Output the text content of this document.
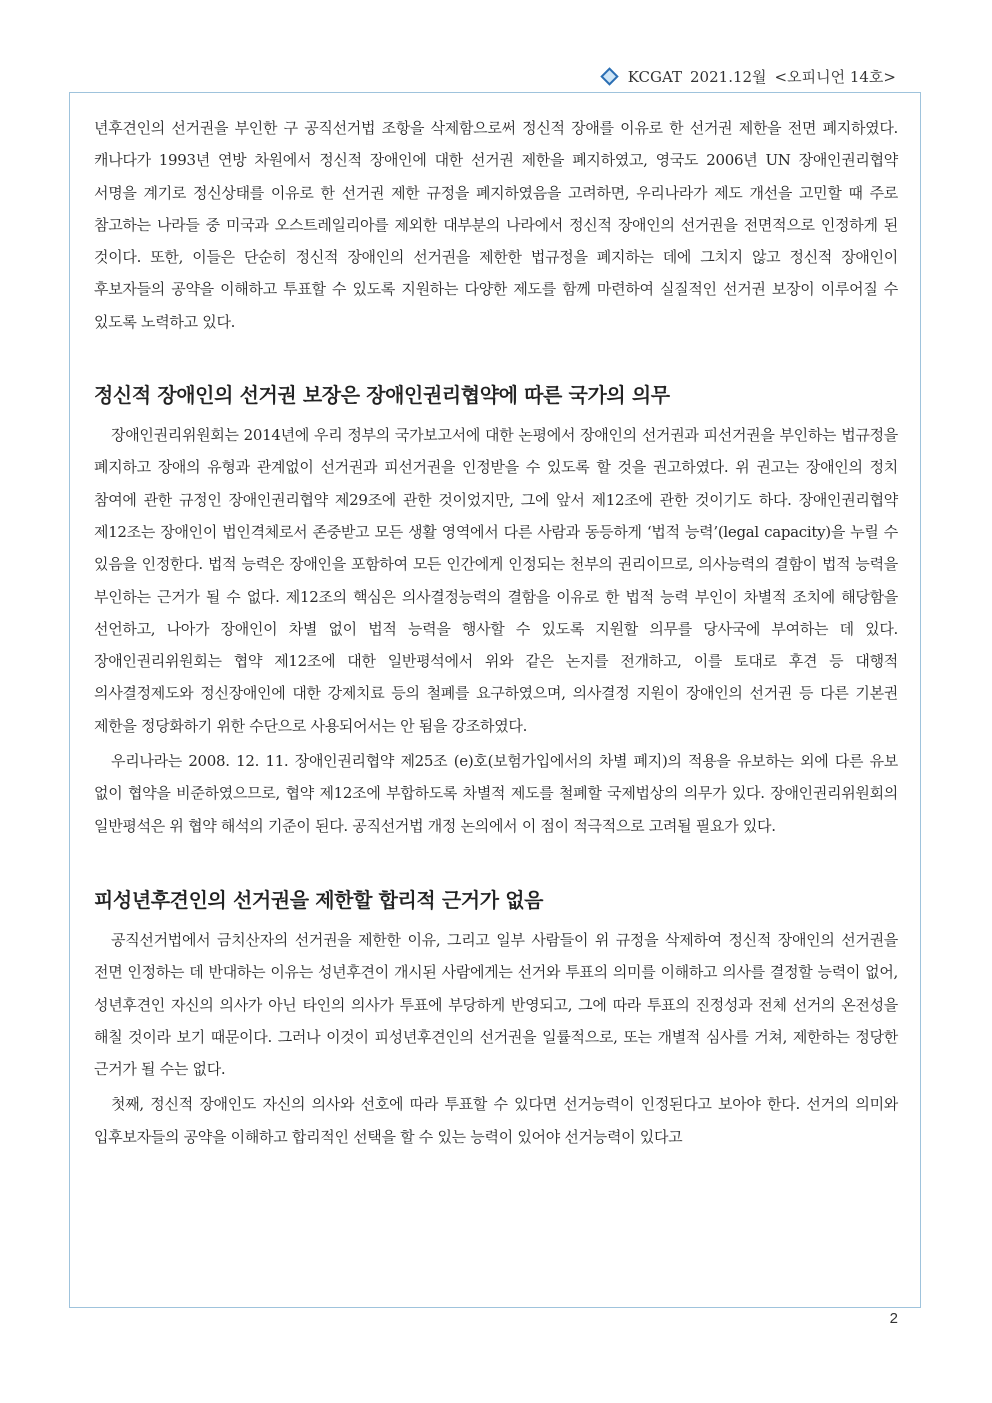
KCGAT 2021.12월 <오피니언 14호>

년후견인의 선거권을 부인한 구 공직선거법 조항을 삭제함으로써 정신적 장애를 이유로 한 선거권 제한을 전면 폐지하였다. 캐나다가 1993년 연방 차원에서 정신적 장애인에 대한 선거권 제한을 폐지하였고, 영국도 2006년 UN 장애인권리협약 서명을 계기로 정신상태를 이유로 한 선거권 제한 규정을 폐지하였음을 고려하면, 우리나라가 제도 개선을 고민할 때 주로 참고하는 나라들 중 미국과 오스트레일리아를 제외한 대부분의 나라에서 정신적 장애인의 선거권을 전면적으로 인정하게 된 것이다. 또한, 이들은 단순히 정신적 장애인의 선거권을 제한한 법규정을 폐지하는 데에 그치지 않고 정신적 장애인이 후보자들의 공약을 이해하고 투표할 수 있도록 지원하는 다양한 제도를 함께 마련하여 실질적인 선거권 보장이 이루어질 수 있도록 노력하고 있다.

정신적 장애인의 선거권 보장은 장애인권리협약에 따른 국가의 의무

장애인권리위원회는 2014년에 우리 정부의 국가보고서에 대한 논평에서 장애인의 선거권과 피선거권을 부인하는 법규정을 폐지하고 장애의 유형과 관계없이 선거권과 피선거권을 인정받을 수 있도록 할 것을 권고하였다. 위 권고는 장애인의 정치 참여에 관한 규정인 장애인권리협약 제29조에 관한 것이었지만, 그에 앞서 제12조에 관한 것이기도 하다. 장애인권리협약 제12조는 장애인이 법인격체로서 존중받고 모든 생활 영역에서 다른 사람과 동등하게 ‘법적 능력’(legal capacity)을 누릴 수 있음을 인정한다. 법적 능력은 장애인을 포함하여 모든 인간에게 인정되는 천부의 권리이므로, 의사능력의 결함이 법적 능력을 부인하는 근거가 될 수 없다. 제12조의 핵심은 의사결정능력의 결함을 이유로 한 법적 능력 부인이 차별적 조치에 해당함을 선언하고, 나아가 장애인이 차별 없이 법적 능력을 행사할 수 있도록 지원할 의무를 당사국에 부여하는 데 있다. 장애인권리위원회는 협약 제12조에 대한 일반평석에서 위와 같은 논지를 전개하고, 이를 토대로 후견 등 대행적 의사결정제도와 정신장애인에 대한 강제치료 등의 철폐를 요구하였으며, 의사결정 지원이 장애인의 선거권 등 다른 기본권 제한을 정당화하기 위한 수단으로 사용되어서는 안 됨을 강조하였다.

우리나라는 2008. 12. 11. 장애인권리협약 제25조 (e)호(보험가입에서의 차별 폐지)의 적용을 유보하는 외에 다른 유보 없이 협약을 비준하였으므로, 협약 제12조에 부합하도록 차별적 제도를 철폐할 국제법상의 의무가 있다. 장애인권리위원회의 일반평석은 위 협약 해석의 기준이 된다. 공직선거법 개정 논의에서 이 점이 적극적으로 고려될 필요가 있다.

피성년후견인의 선거권을 제한할 합리적 근거가 없음

공직선거법에서 금치산자의 선거권을 제한한 이유, 그리고 일부 사람들이 위 규정을 삭제하여 정신적 장애인의 선거권을 전면 인정하는 데 반대하는 이유는 성년후견이 개시된 사람에게는 선거와 투표의 의미를 이해하고 의사를 결정할 능력이 없어, 성년후견인 자신의 의사가 아닌 타인의 의사가 투표에 부당하게 반영되고, 그에 따라 투표의 진정성과 전체 선거의 온전성을 해칠 것이라 보기 때문이다. 그러나 이것이 피성년후견인의 선거권을 일률적으로, 또는 개별적 심사를 거쳐, 제한하는 정당한 근거가 될 수는 없다.

첫째, 정신적 장애인도 자신의 의사와 선호에 따라 투표할 수 있다면 선거능력이 인정된다고 보아야 한다. 선거의 의미와 입후보자들의 공약을 이해하고 합리적인 선택을 할 수 있는 능력이 있어야 선거능력이 있다고

2
